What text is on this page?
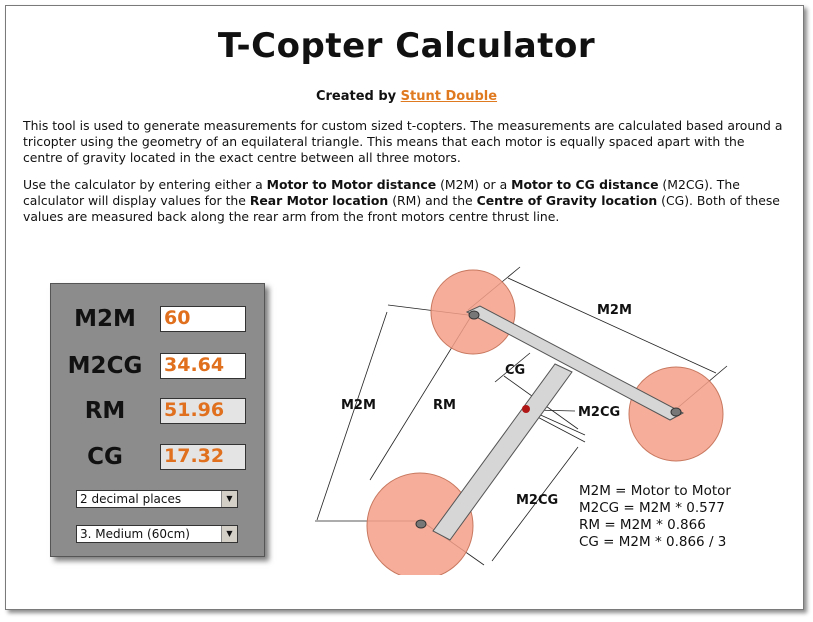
T-Copter Calculator
Created by Stunt Double
This tool is used to generate measurements for custom sized t-copters. The measurements are calculated based around a tricopter using the geometry of an equilateral triangle. This means that each motor is equally spaced apart with the centre of gravity located in the exact centre between all three motors.
Use the calculator by entering either a Motor to Motor distance (M2M) or a Motor to CG distance (M2CG). The calculator will display values for the Rear Motor location (RM) and the Centre of Gravity location (CG). Both of these values are measured back along the rear arm from the front motors centre thrust line.
M2M	60
M2CG	34.64
RM	51.96
CG	17.32
2 decimal places	▼
3. Medium (60cm)	▼
M2M
M2M	RM
CG
M2CG
M2CG
M2M = Motor to Motor
M2CG = M2M * 0.577
RM = M2M * 0.866
CG = M2M * 0.866 / 3
